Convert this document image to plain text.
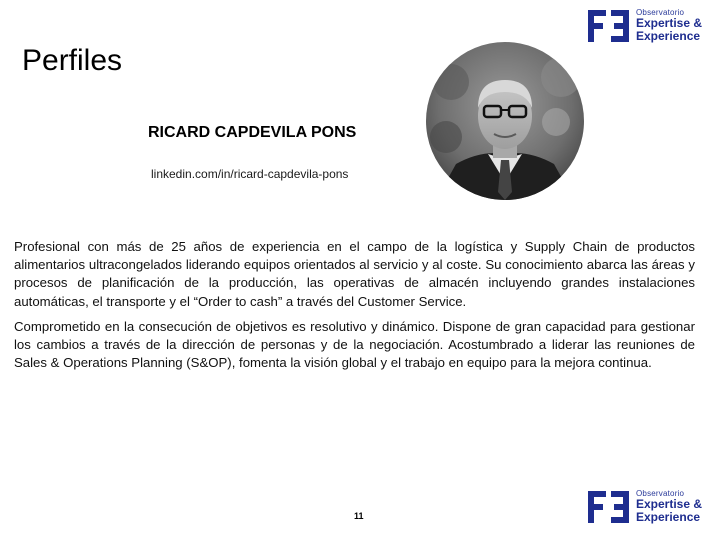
Observatorio
Expertise &
Experience
Perfiles
RICARD CAPDEVILA PONS
linkedin.com/in/ricard-capdevila-pons

Profesional con más de 25 años de experiencia en el campo de la logística y Supply Chain de productos alimentarios ultracongelados liderando equipos orientados al servicio y al coste. Su conocimiento abarca las áreas y procesos de planificación de la producción, las operativas de almacén incluyendo grandes instalaciones automáticas, el transporte y el “Order to cash” a través del Customer Service.

Comprometido en la consecución de objetivos es resolutivo y dinámico. Dispone de gran capacidad para gestionar los cambios a través de la dirección de personas y de la negociación. Acostumbrado a liderar las reuniones de Sales & Operations Planning (S&OP), fomenta la visión global y el trabajo en equipo para la mejora continua.

11
Observatorio
Expertise &
Experience
